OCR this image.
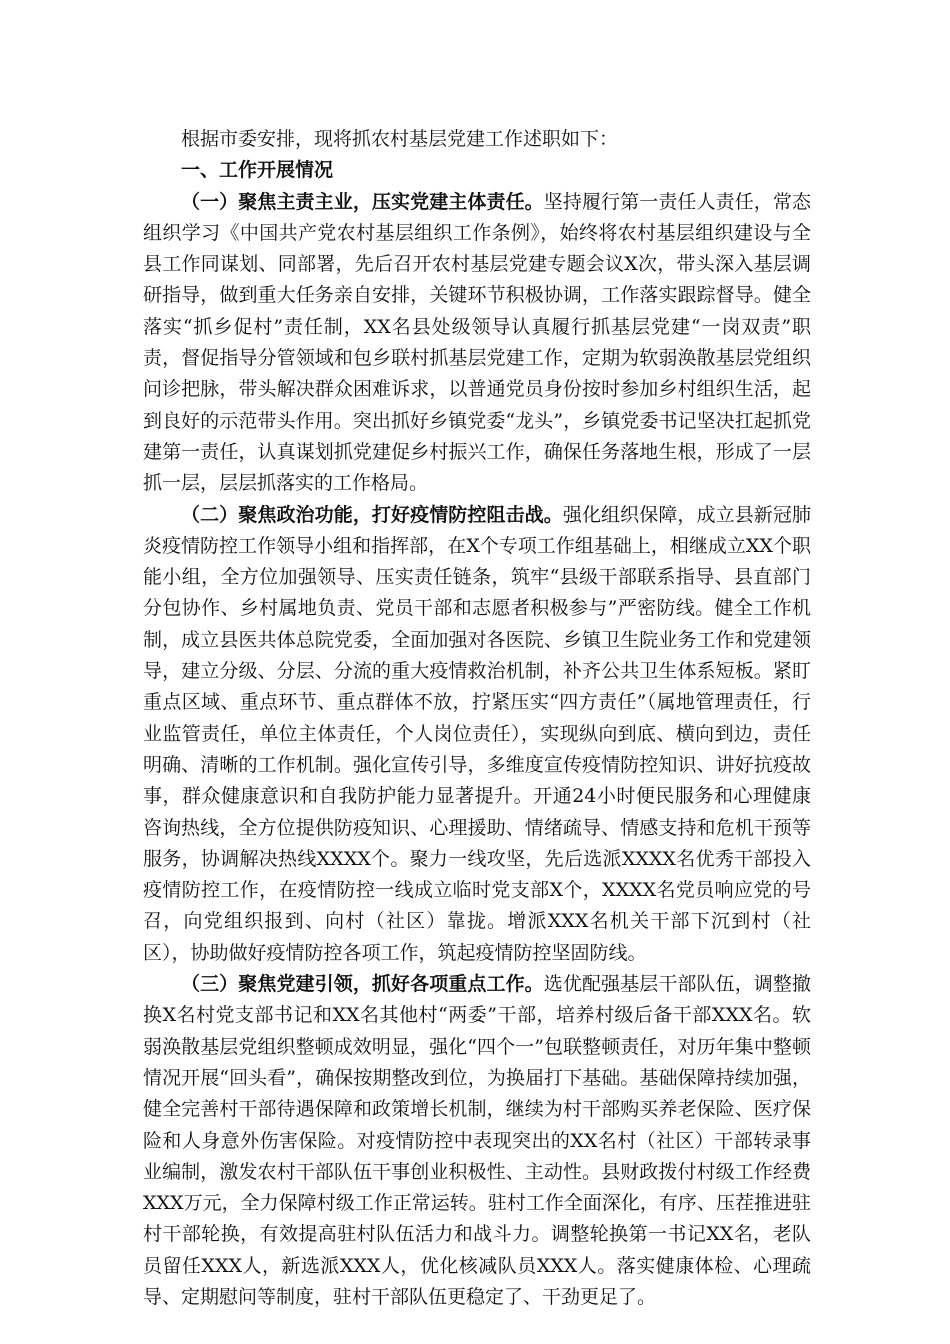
根据市委安排，现将抓农村基层党建工作述职如下：

一、工作开展情况

（一）聚焦主责主业，压实党建主体责任。坚持履行第一责任人责任，常态组织学习《中国共产党农村基层组织工作条例》，始终将农村基层组织建设与全县工作同谋划、同部署，先后召开农村基层党建专题会议X次，带头深入基层调研指导，做到重大任务亲自安排，关键环节积极协调，工作落实跟踪督导。健全落实“抓乡促村”责任制，XX名县处级领导认真履行抓基层党建“一岗双责”职责，督促指导分管领域和包乡联村抓基层党建工作，定期为软弱涣散基层党组织问诊把脉，带头解决群众困难诉求，以普通党员身份按时参加乡村组织生活，起到良好的示范带头作用。突出抓好乡镇党委“龙头”，乡镇党委书记坚决扛起抓党建第一责任，认真谋划抓党建促乡村振兴工作，确保任务落地生根，形成了一层抓一层，层层抓落实的工作格局。

（二）聚焦政治功能，打好疫情防控阻击战。强化组织保障，成立县新冠肺炎疫情防控工作领导小组和指挥部，在X个专项工作组基础上，相继成立XX个职能小组，全方位加强领导、压实责任链条，筑牢“县级干部联系指导、县直部门分包协作、乡村属地负责、党员干部和志愿者积极参与”严密防线。健全工作机制，成立县医共体总院党委，全面加强对各医院、乡镇卫生院业务工作和党建领导，建立分级、分层、分流的重大疫情救治机制，补齐公共卫生体系短板。紧盯重点区域、重点环节、重点群体不放，拧紧压实“四方责任”（属地管理责任，行业监管责任，单位主体责任，个人岗位责任），实现纵向到底、横向到边，责任明确、清晰的工作机制。强化宣传引导，多维度宣传疫情防控知识、讲好抗疫故事，群众健康意识和自我防护能力显著提升。开通24小时便民服务和心理健康咨询热线，全方位提供防疫知识、心理援助、情绪疏导、情感支持和危机干预等服务，协调解决热线XXXX个。聚力一线攻坚，先后选派XXXX名优秀干部投入疫情防控工作，在疫情防控一线成立临时党支部X个，XXXX名党员响应党的号召，向党组织报到、向村（社区）靠拢。增派XXX名机关干部下沉到村（社区），协助做好疫情防控各项工作，筑起疫情防控坚固防线。

（三）聚焦党建引领，抓好各项重点工作。选优配强基层干部队伍，调整撤换X名村党支部书记和XX名其他村“两委”干部，培养村级后备干部XXX名。软弱涣散基层党组织整顿成效明显，强化“四个一”包联整顿责任，对历年集中整顿情况开展“回头看”，确保按期整改到位，为换届打下基础。基础保障持续加强，健全完善村干部待遇保障和政策增长机制，继续为村干部购买养老保险、医疗保险和人身意外伤害保险。对疫情防控中表现突出的XX名村（社区）干部转录事业编制，激发农村干部队伍干事创业积极性、主动性。县财政拨付村级工作经费XXX万元，全力保障村级工作正常运转。驻村工作全面深化，有序、压茬推进驻村干部轮换，有效提高驻村队伍活力和战斗力。调整轮换第一书记XX名，老队员留任XXX人，新选派XXX人，优化核减队员XXX人。落实健康体检、心理疏导、定期慰问等制度，驻村干部队伍更稳定了、干劲更足了。
